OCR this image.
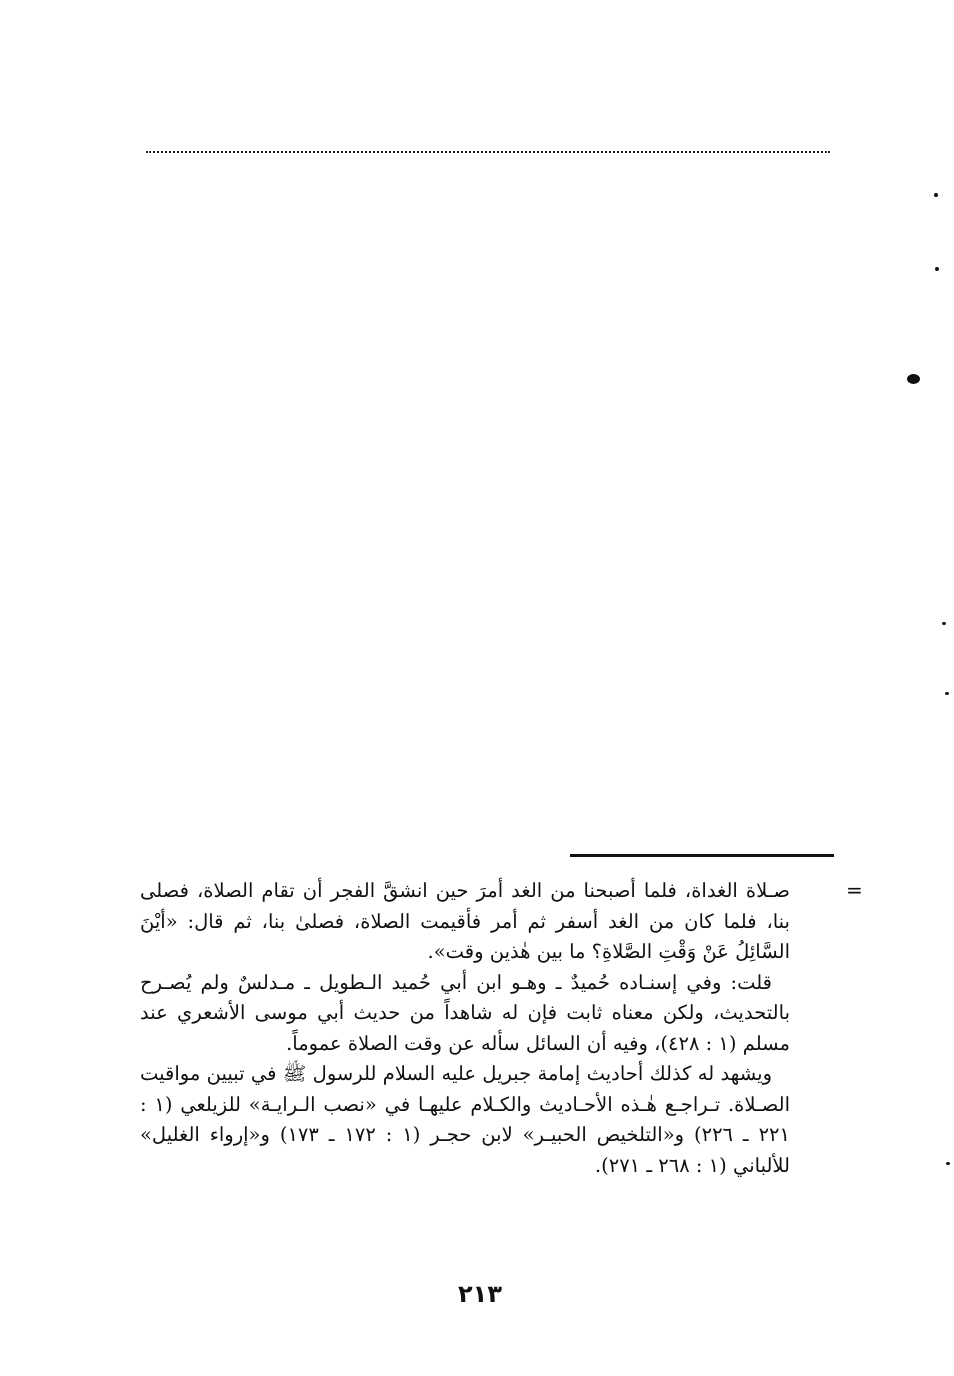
=

صـلاة الغداة، فلما أصبحنا من الغد أمرَ حين انشقَّ الفجر أن تقام الصلاة، فصلى بنا، فلما كان من الغد أسفر ثم أمر فأقيمت الصلاة، فصلىٰ بنا، ثم قال: «أيْنَ السَّائِلُ عَنْ وَقْتِ الصَّلاةِ؟ ما بين هٰذين وقت».

قلت: وفي إسنـاده حُميدٌ ـ وهـو ابن أبي حُميد الـطويل ـ مـدلسٌ ولم يُصـرح بالتحديث، ولكن معناه ثابت فإن له شاهداً من حديث أبي موسى الأشعري عند مسلم (١ : ٤٢٨)، وفيه أن السائل سأله عن وقت الصلاة عموماً.

ويشهد له كذلك أحاديث إمامة جبريل عليه السلام للرسول ﷺ في تبيين مواقيت الصـلاة. تـراجـع هٰـذه الأحـاديث والكـلام عليهـا في «نصب الـرايـة» للزيلعي (١ : ٢٢١ ـ ٢٢٦) و«التلخيص الحبيـر» لابن حجـر (١ : ١٧٢ ـ ١٧٣) و«إرواء الغليل» للألباني (١ : ٢٦٨ ـ ٢٧١).

٢١٣
